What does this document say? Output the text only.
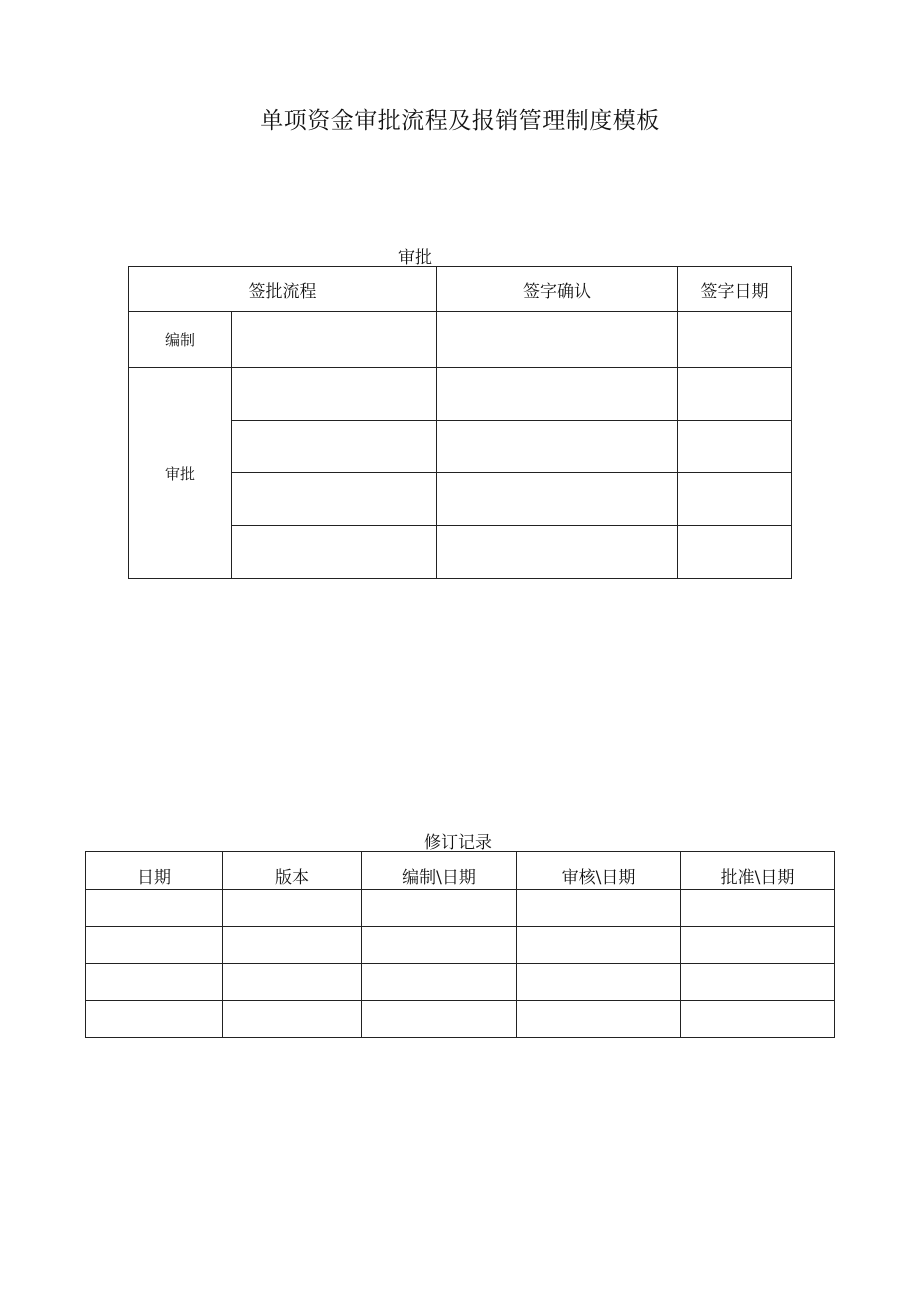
单项资金审批流程及报销管理制度模板
审批
签批流程		签字确认	签字日期
编制			
审批			

修订记录
日期	版本	编制\日期	审核\日期	批准\日期
